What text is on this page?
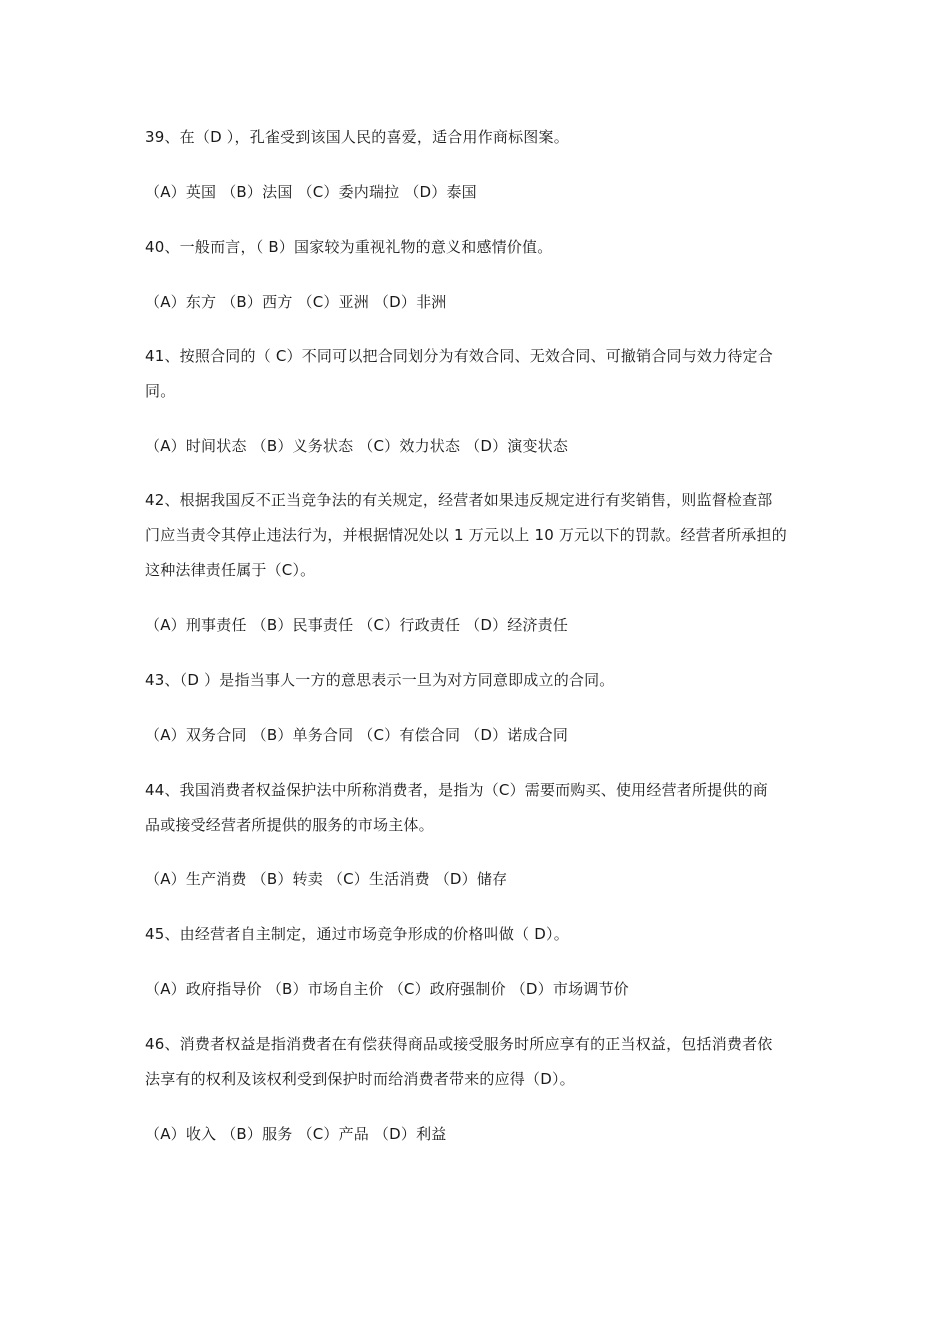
39、在（D ），孔雀受到该国人民的喜爱，适合用作商标图案。
（A）英国 （B）法国 （C）委内瑞拉 （D）泰国
40、一般而言，（ B）国家较为重视礼物的意义和感情价值。
（A）东方 （B）西方 （C）亚洲 （D）非洲
41、按照合同的（ C）不同可以把合同划分为有效合同、无效合同、可撤销合同与效力待定合
同。
（A）时间状态 （B）义务状态 （C）效力状态 （D）演变状态
42、根据我国反不正当竞争法的有关规定，经营者如果违反规定进行有奖销售，则监督检查部
门应当责令其停止违法行为，并根据情况处以 1 万元以上 10 万元以下的罚款。经营者所承担的
这种法律责任属于（C）。
（A）刑事责任 （B）民事责任 （C）行政责任 （D）经济责任
43、（D ）是指当事人一方的意思表示一旦为对方同意即成立的合同。
（A）双务合同 （B）单务合同 （C）有偿合同 （D）诺成合同
44、我国消费者权益保护法中所称消费者，是指为（C）需要而购买、使用经营者所提供的商
品或接受经营者所提供的服务的市场主体。
（A）生产消费 （B）转卖 （C）生活消费 （D）储存
45、由经营者自主制定，通过市场竞争形成的价格叫做（ D）。
（A）政府指导价 （B）市场自主价 （C）政府强制价 （D）市场调节价
46、消费者权益是指消费者在有偿获得商品或接受服务时所应享有的正当权益，包括消费者依
法享有的权利及该权利受到保护时而给消费者带来的应得（D）。
（A）收入 （B）服务 （C）产品 （D）利益
